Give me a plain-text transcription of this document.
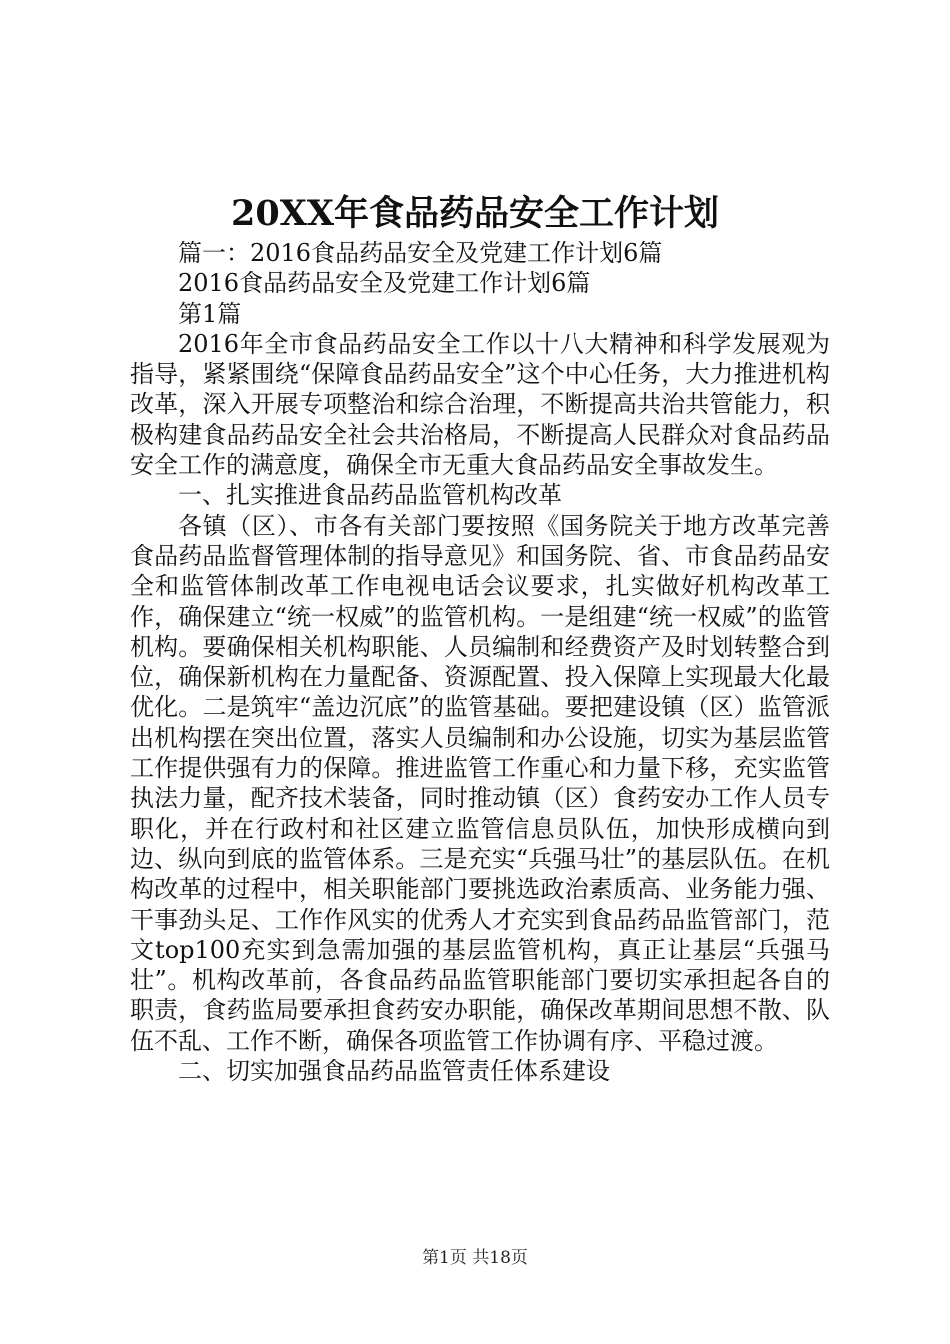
20XX年食品药品安全工作计划

篇一：2016食品药品安全及党建工作计划6篇

2016食品药品安全及党建工作计划6篇

第1篇

2016年全市食品药品安全工作以十八大精神和科学发展观为指导，紧紧围绕“保障食品药品安全”这个中心任务，大力推进机构改革，深入开展专项整治和综合治理，不断提高共治共管能力，积极构建食品药品安全社会共治格局，不断提高人民群众对食品药品安全工作的满意度，确保全市无重大食品药品安全事故发生。

一、扎实推进食品药品监管机构改革

各镇（区）、市各有关部门要按照《国务院关于地方改革完善食品药品监督管理体制的指导意见》和国务院、省、市食品药品安全和监管体制改革工作电视电话会议要求，扎实做好机构改革工作，确保建立“统一权威”的监管机构。一是组建“统一权威”的监管机构。要确保相关机构职能、人员编制和经费资产及时划转整合到位，确保新机构在力量配备、资源配置、投入保障上实现最大化最优化。二是筑牢“盖边沉底”的监管基础。要把建设镇（区）监管派出机构摆在突出位置，落实人员编制和办公设施，切实为基层监管工作提供强有力的保障。推进监管工作重心和力量下移，充实监管执法力量，配齐技术装备，同时推动镇（区）食药安办工作人员专职化，并在行政村和社区建立监管信息员队伍，加快形成横向到边、纵向到底的监管体系。三是充实“兵强马壮”的基层队伍。在机构改革的过程中，相关职能部门要挑选政治素质高、业务能力强、干事劲头足、工作作风实的优秀人才充实到食品药品监管部门，范文top100充实到急需加强的基层监管机构，真正让基层“兵强马壮”。机构改革前，各食品药品监管职能部门要切实承担起各自的职责，食药监局要承担食药安办职能，确保改革期间思想不散、队伍不乱、工作不断，确保各项监管工作协调有序、平稳过渡。

二、切实加强食品药品监管责任体系建设

第1页 共18页
